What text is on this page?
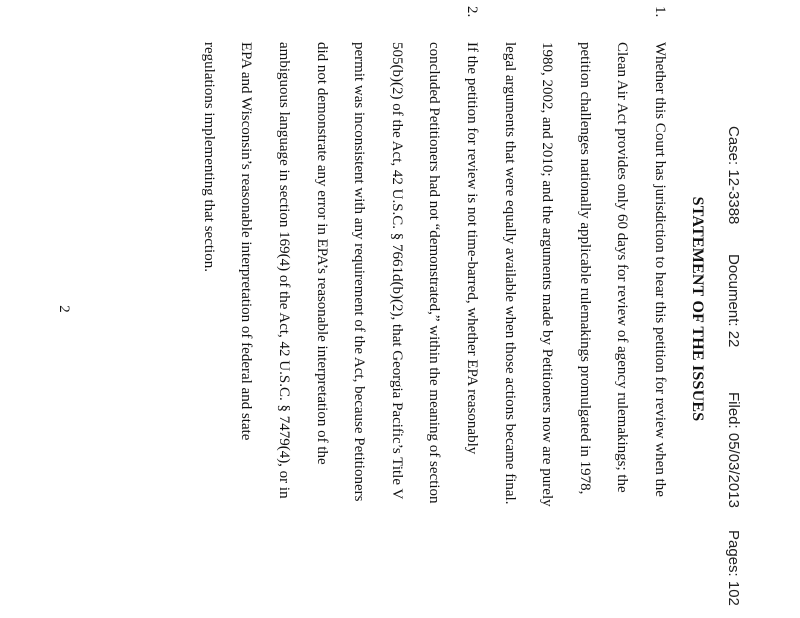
Case: 12-3388
Document: 22
Filed: 05/03/2013
Pages: 102
STATEMENT OF THE ISSUES
1.
Whether this Court has jurisdiction to hear this petition for review when the
Clean Air Act provides only 60 days for review of agency rulemakings; the
petition challenges nationally applicable rulemakings promulgated in 1978,
1980, 2002, and 2010; and the arguments made by Petitioners now are purely
legal arguments that were equally available when those actions became final.
2.
If the petition for review is not time-barred, whether EPA reasonably
concluded Petitioners had not “demonstrated,” within the meaning of section
505(b)(2) of the Act, 42 U.S.C. § 7661d(b)(2), that Georgia Pacific’s Title V
permit was inconsistent with any requirement of the Act, because Petitioners
did not demonstrate any error in EPA’s reasonable interpretation of the
ambiguous language in section 169(4) of the Act, 42 U.S.C. § 7479(4), or in
EPA and Wisconsin’s reasonable interpretation of federal and state
regulations implementing that section.
2
